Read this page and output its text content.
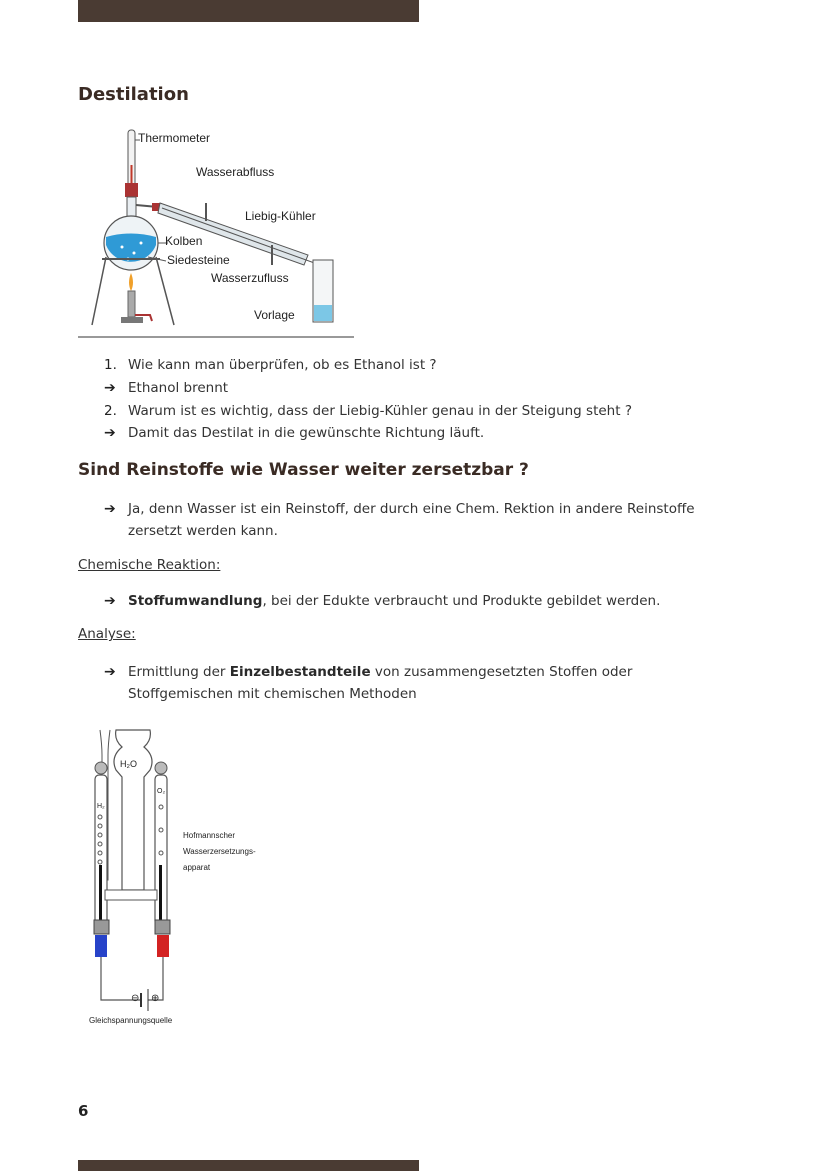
Destilation
Thermometer
Wasserabfluss
Liebig-Kühler
Kolben
Siedesteine
Wasserzufluss
Vorlage
1. Wie kann man überprüfen, ob es Ethanol ist ?
➔ Ethanol brennt
2. Warum ist es wichtig, dass der Liebig-Kühler genau in der Steigung steht ?
➔ Damit das Destilat in die gewünschte Richtung läuft.
Sind Reinstoffe wie Wasser weiter zersetzbar ?
➔ Ja, denn Wasser ist ein Reinstoff, der durch eine Chem. Rektion in andere Reinstoffe
zersetzt werden kann.
Chemische Reaktion:
➔ Stoffumwandlung, bei der Edukte verbraucht und Produkte gebildet werden.
Analyse:
➔ Ermittlung der Einzelbestandteile von zusammengesetzten Stoffen oder
Stoffgemischen mit chemischen Methoden
H₂
H₂O
O₂
⊖ ⊕
Gleichspannungsquelle
Hofmannscher
Wasserzersetzungs-
apparat
6
